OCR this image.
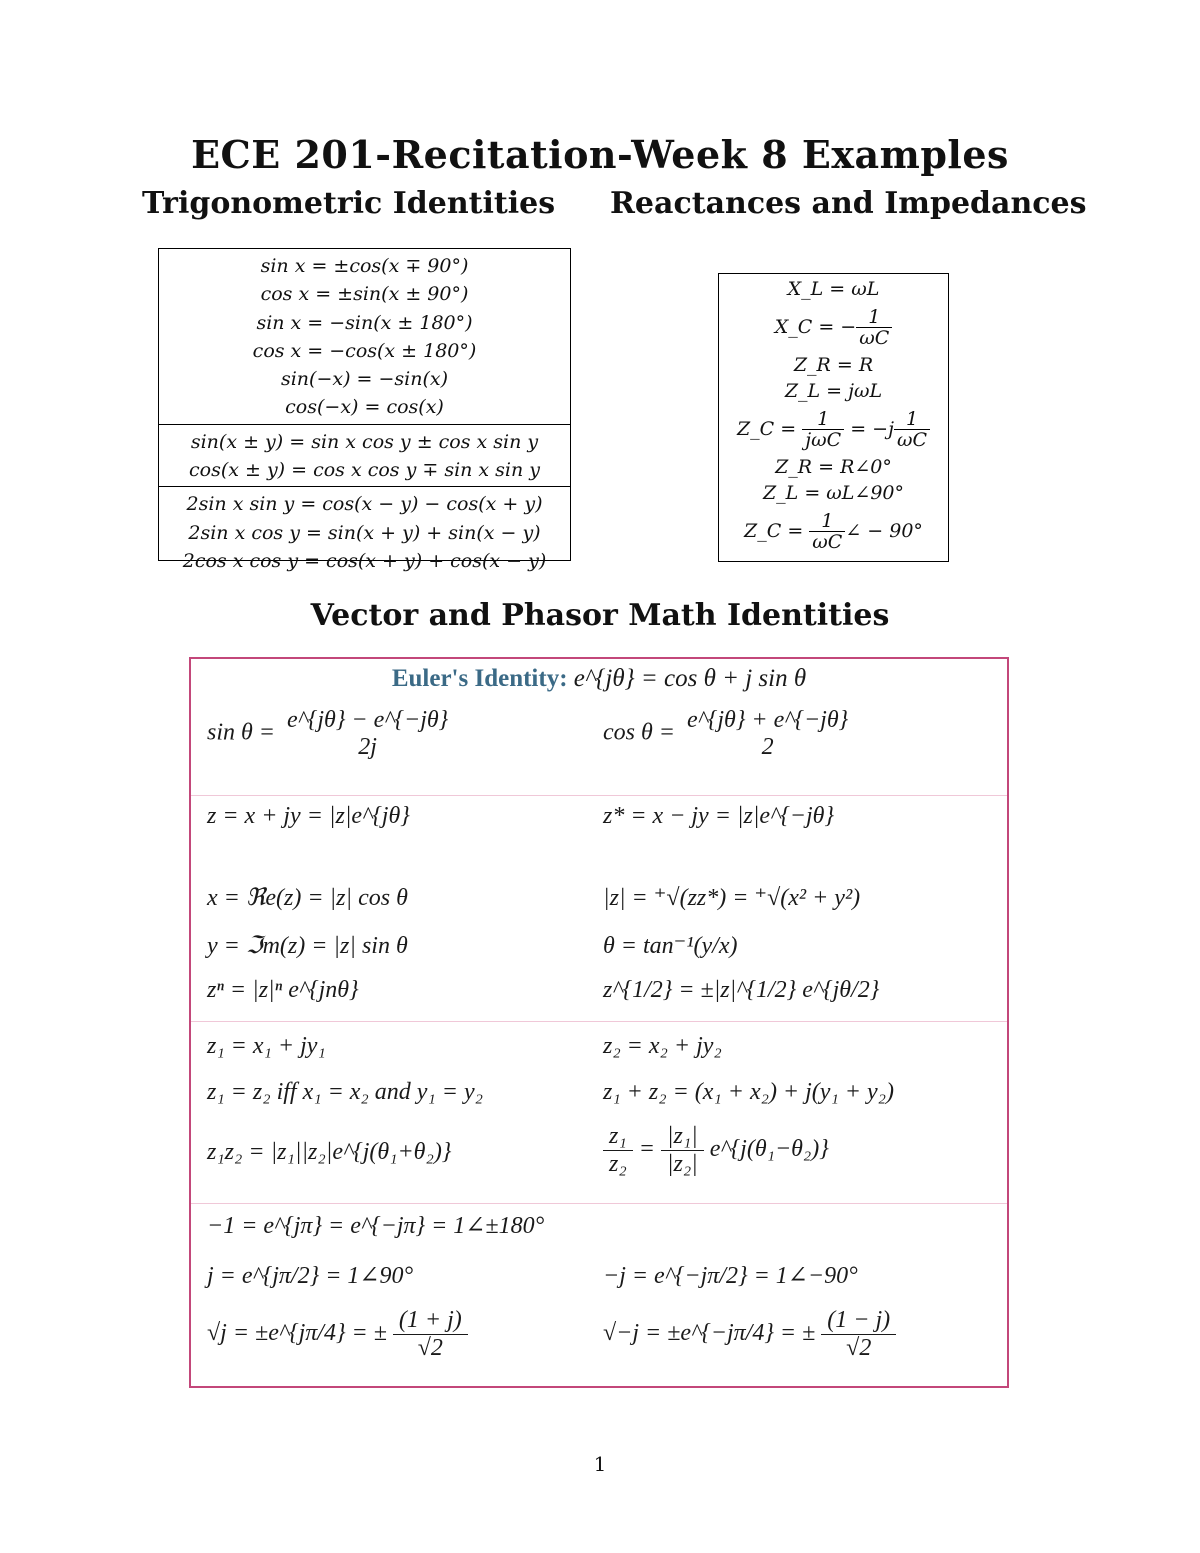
ECE 201-Recitation-Week 8 Examples
Trigonometric Identities Reactances and Impedances
sin x = ±cos(x ∓ 90°)
cos x = ±sin(x ± 90°)
sin x = −sin(x ± 180°)
cos x = −cos(x ± 180°)
sin(−x) = −sin(x)
cos(−x) = cos(x)
sin(x ± y) = sin x cos y ± cos x sin y
cos(x ± y) = cos x cos y ∓ sin x sin y
2sin x sin y = cos(x − y) − cos(x + y)
2sin x cos y = sin(x + y) + sin(x − y)
2cos x cos y = cos(x + y) + cos(x − y)
X_L = ωL
X_C = − $\frac{1}{\omega C}$
Z_R = R
Z_L = jωL
Z_C =
$\frac{1}{\text{jωC}}$
= $-j \frac{1}{\omega C}$
Z_R = R∠0°
Z_L = ωL∠90°
Z_C =
$\frac{1}{\omega C}$ ∠ − 90°
Vector and Phasor Math Identities
Euler's Identity: e^{jθ} = cos θ + j sin θ
sin θ = e^{jθ} − e^{−jθ}
2j
cos θ = e^{jθ} + e^{−jθ}
2
z = x + jy = |z|e^{jθ}	z* = x − jy = |z|e^{−jθ}
x = ℜe(z) = |z| cos θ	|z| = ⁺√(zz*) = ⁺√(x² + y²)
y = ℑm(z) = |z| sin θ	θ = tan⁻¹(y/x)
zⁿ = |z|ⁿ e^{jnθ}	z^{1/2} = ±|z|^{1/2} e^{jθ/2}
z₁ = x₁ + jy₁	z₂ = x₂ + jy₂
z₁ = z₂ iff x₁ = x₂ and y₁ = y₂	z₁ + z₂ = (x₁ + x₂) + j(y₁ + y₂)
z₁z₂ = |z₁||z₂|e^{j(θ₁+θ₂)}	$\frac{\text{z₁}}{\text{z₂}} = \frac{\text{|z₁|}}{\text{|z₂|}}$ e^{j(θ₁−θ₂)}
−1 = e^{jπ} = e^{−jπ} = 1∠±180°
j = e^{jπ/2} = 1∠90°	−j = e^{−jπ/2} = 1∠−90°
√j = ±e^{jπ/4} = ± $\frac{(1 + j)}{√2}$	√−j = ±e^{−jπ/4} = ± $\frac{(1 - j)}{√2}$
1
